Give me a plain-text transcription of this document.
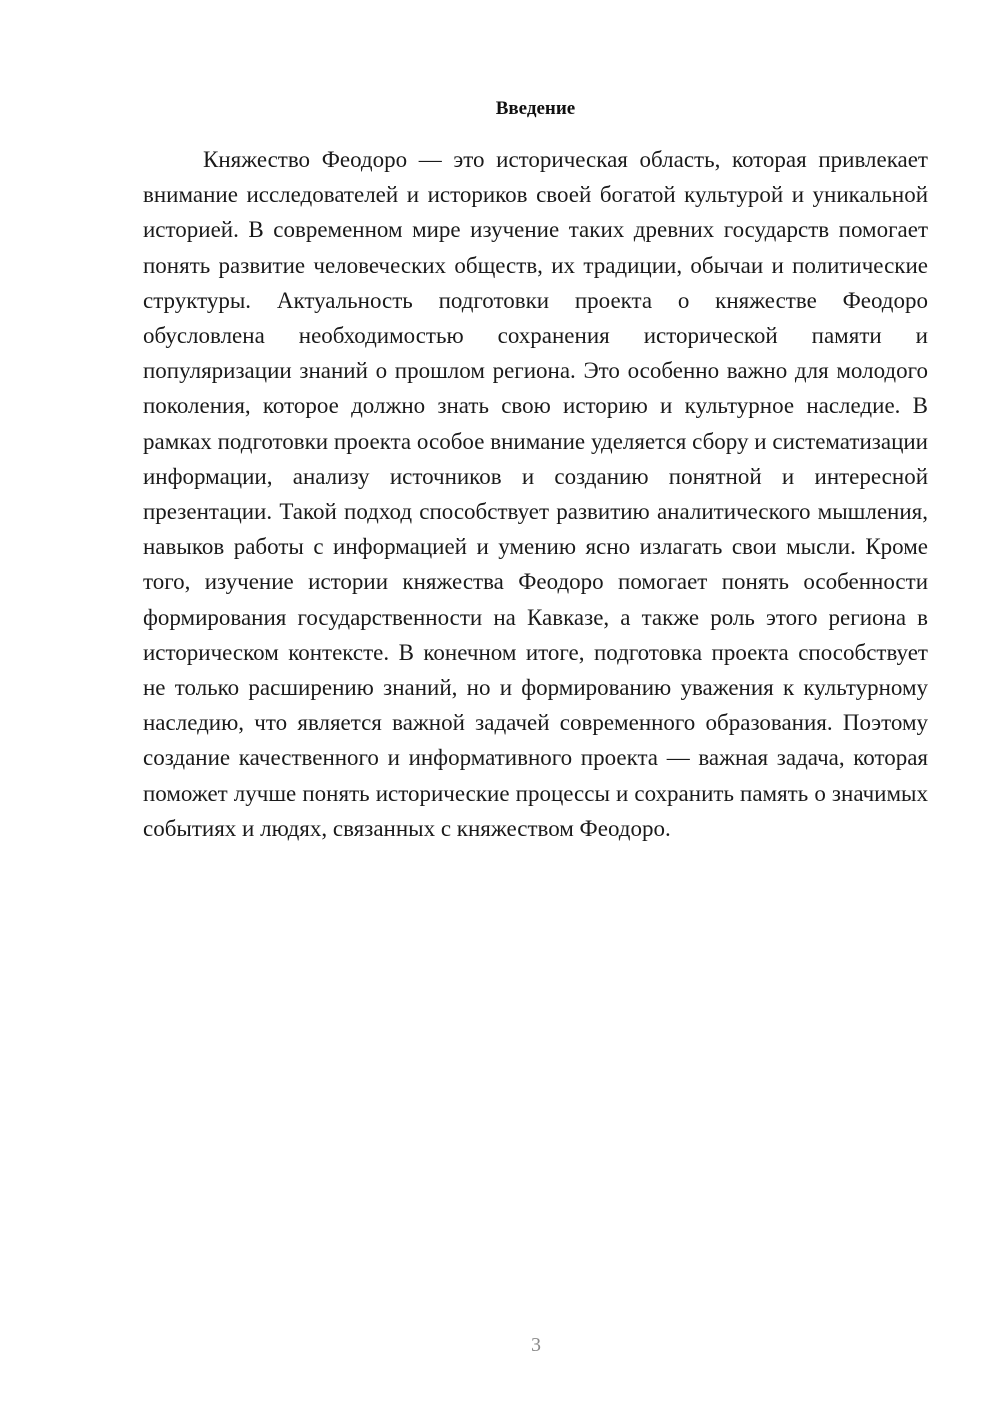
Введение

Княжество Феодоро — это историческая область, которая привлекает внимание исследователей и историков своей богатой культурой и уникальной историей. В современном мире изучение таких древних государств помогает понять развитие человеческих обществ, их традиции, обычаи и политические структуры. Актуальность подготовки проекта о княжестве Феодоро обусловлена необходимостью сохранения исторической памяти и популяризации знаний о прошлом региона. Это особенно важно для молодого поколения, которое должно знать свою историю и культурное наследие. В рамках подготовки проекта особое внимание уделяется сбору и систематизации информации, анализу источников и созданию понятной и интересной презентации. Такой подход способствует развитию аналитического мышления, навыков работы с информацией и умению ясно излагать свои мысли. Кроме того, изучение истории княжества Феодоро помогает понять особенности формирования государственности на Кавказе, а также роль этого региона в историческом контексте. В конечном итоге, подготовка проекта способствует не только расширению знаний, но и формированию уважения к культурному наследию, что является важной задачей современного образования. Поэтому создание качественного и информативного проекта — важная задача, которая поможет лучше понять исторические процессы и сохранить память о значимых событиях и людях, связанных с княжеством Феодоро.

3
